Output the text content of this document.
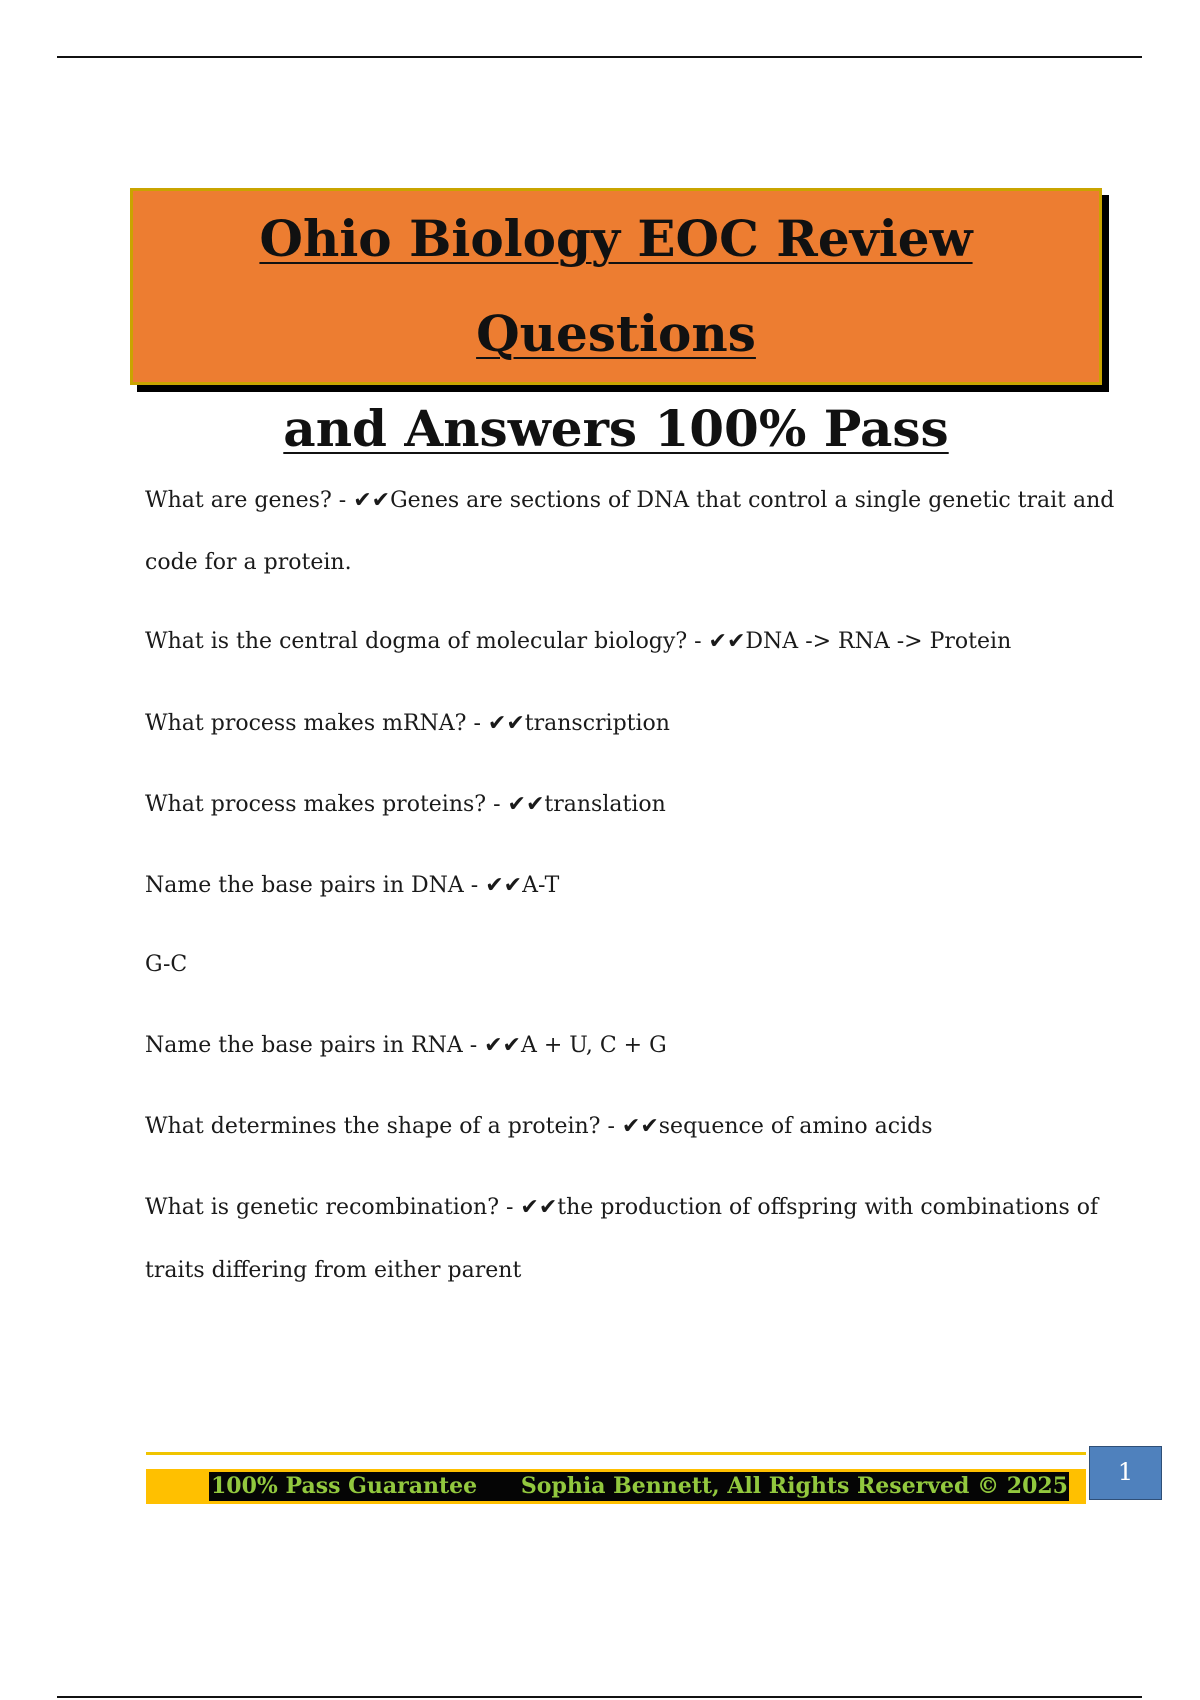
Ohio Biology EOC Review Questions
and Answers 100% Pass
What are genes? - ✔✔Genes are sections of DNA that control a single genetic trait and
code for a protein.
What is the central dogma of molecular biology? - ✔✔DNA -> RNA -> Protein
What process makes mRNA? - ✔✔transcription
What process makes proteins? - ✔✔translation
Name the base pairs in DNA - ✔✔A-T
G-C
Name the base pairs in RNA - ✔✔A + U, C + G
What determines the shape of a protein? - ✔✔sequence of amino acids
What is genetic recombination? - ✔✔the production of offspring with combinations of
traits differing from either parent
100% Pass Guarantee Sophia Bennett, All Rights Reserved © 2025	1
